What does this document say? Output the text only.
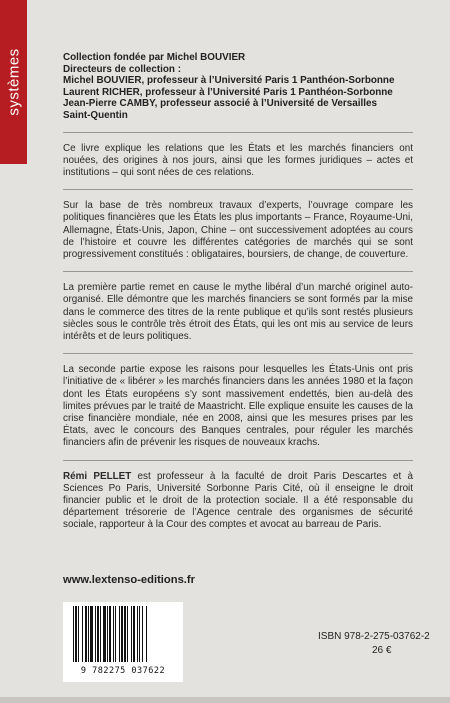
systèmes	Collection fondée par Michel BOUVIER
Directeurs de collection :
Michel BOUVIER, professeur à l’Université Paris 1 Panthéon-Sorbonne
Laurent RICHER, professeur à l’Université Paris 1 Panthéon-Sorbonne
Jean-Pierre CAMBY, professeur associé à l’Université de Versailles
Saint-Quentin

Ce livre explique les relations que les États et les marchés financiers ont nouées, des origines à nos jours, ainsi que les formes juridiques – actes et institutions – qui sont nées de ces relations.

Sur la base de très nombreux travaux d’experts, l’ouvrage compare les politiques financières que les États les plus importants – France, Royaume-Uni, Allemagne, États-Unis, Japon, Chine – ont successivement adoptées au cours de l’histoire et couvre les différentes catégories de marchés qui se sont progressivement constitués : obligataires, boursiers, de change, de couverture.

La première partie remet en cause le mythe libéral d’un marché originel auto-organisé. Elle démontre que les marchés financiers se sont formés par la mise dans le commerce des titres de la rente publique et qu’ils sont restés plusieurs siècles sous le contrôle très étroit des États, qui les ont mis au service de leurs intérêts et de leurs politiques.

La seconde partie expose les raisons pour lesquelles les États-Unis ont pris l’initiative de « libérer » les marchés financiers dans les années 1980 et la façon dont les États européens s’y sont massivement endettés, bien au-delà des limites prévues par le traité de Maastricht. Elle explique ensuite les causes de la crise financière mondiale, née en 2008, ainsi que les mesures prises par les États, avec le concours des Banques centrales, pour réguler les marchés financiers afin de prévenir les risques de nouveaux krachs.

Rémi PELLET est professeur à la faculté de droit Paris Descartes et à Sciences Po Paris, Université Sorbonne Paris Cité, où il enseigne le droit financier public et le droit de la protection sociale. Il a été responsable du département trésorerie de l’Agence centrale des organismes de sécurité sociale, rapporteur à la Cour des comptes et avocat au barreau de Paris.

www.lextenso-editions.fr
9 782275 037622
ISBN 978-2-275-03762-2
26 €
